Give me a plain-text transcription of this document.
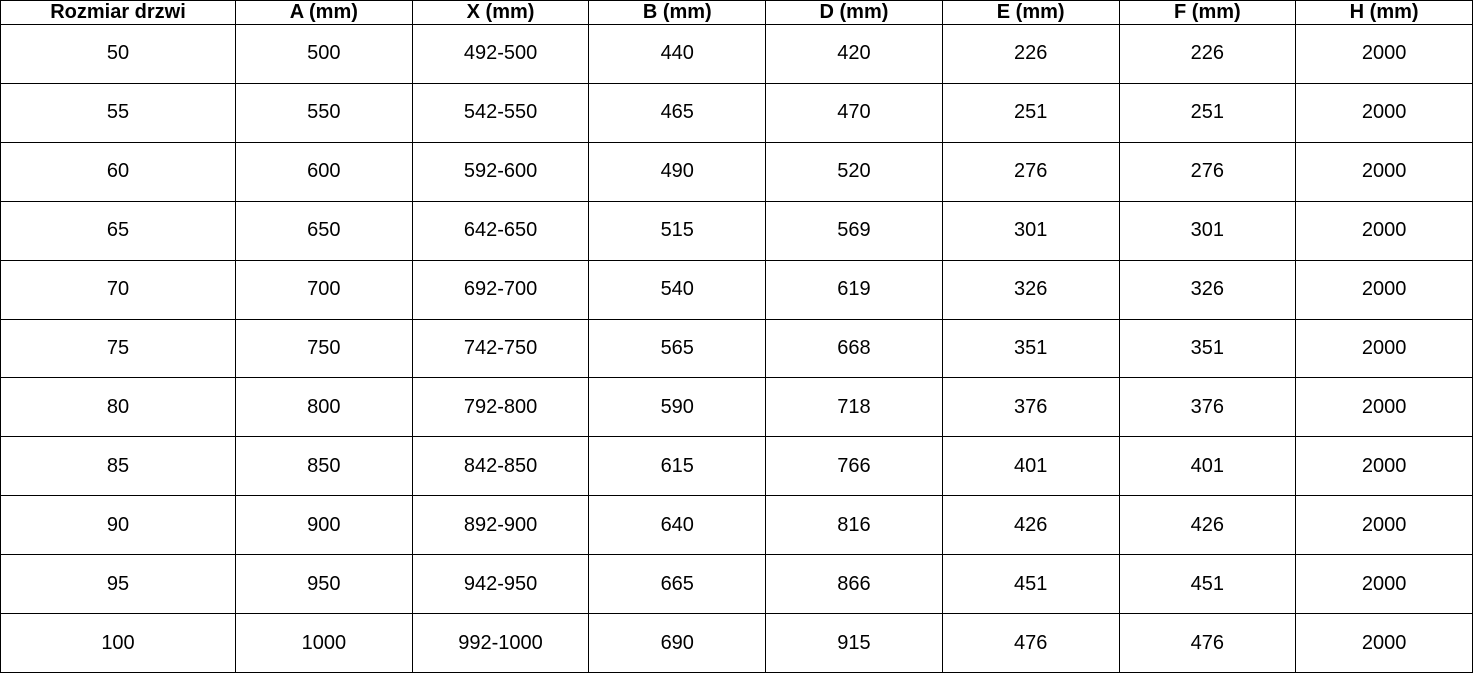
Rozmiar drzwi	A (mm)	X (mm)	B (mm)	D (mm)	E (mm)	F (mm)	H (mm)
50	500	492-500	440	420	226	226	2000
55	550	542-550	465	470	251	251	2000
60	600	592-600	490	520	276	276	2000
65	650	642-650	515	569	301	301	2000
70	700	692-700	540	619	326	326	2000
75	750	742-750	565	668	351	351	2000
80	800	792-800	590	718	376	376	2000
85	850	842-850	615	766	401	401	2000
90	900	892-900	640	816	426	426	2000
95	950	942-950	665	866	451	451	2000
100	1000	992-1000	690	915	476	476	2000
